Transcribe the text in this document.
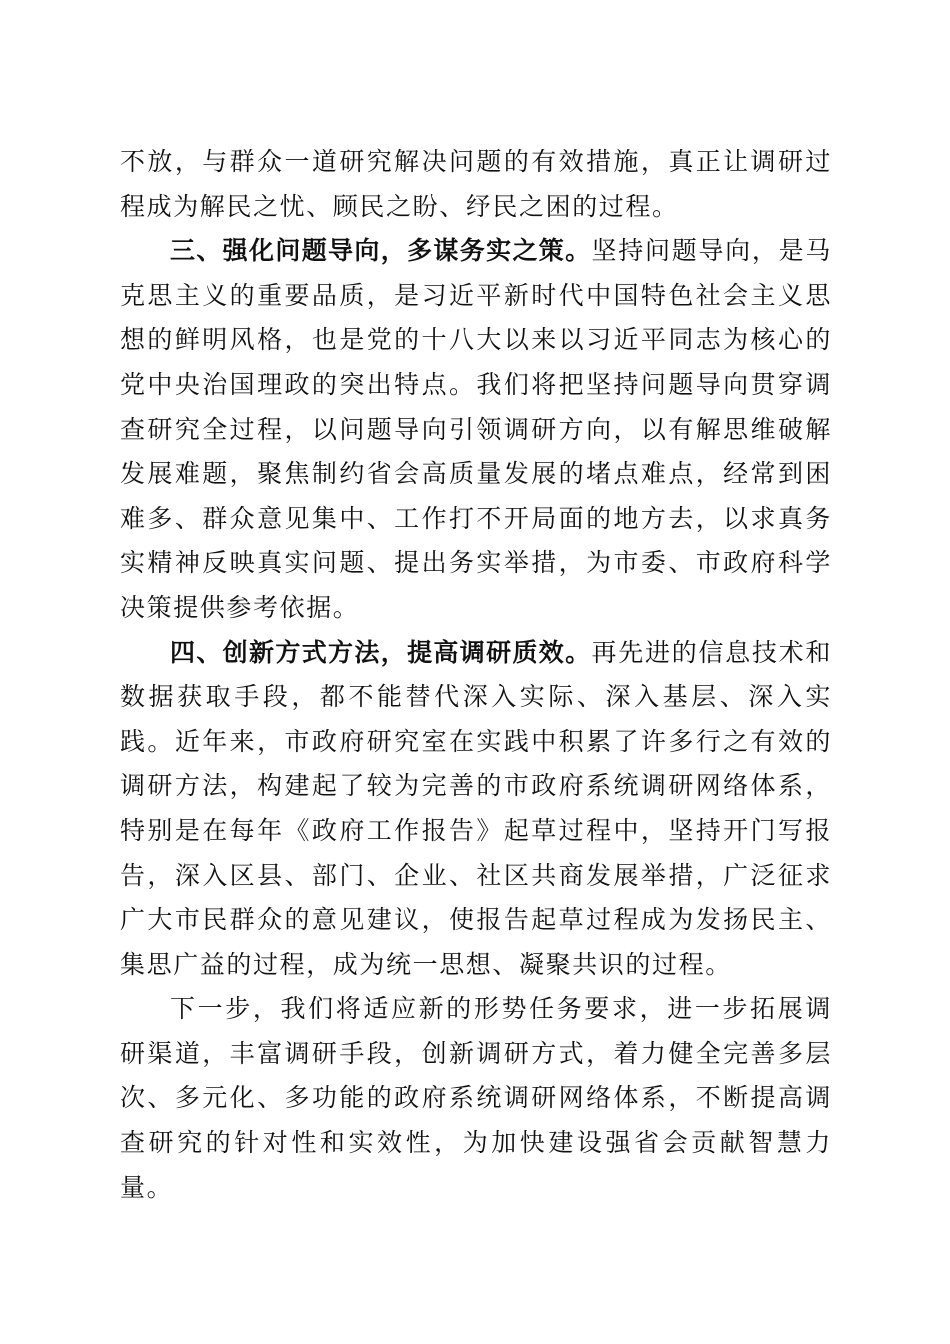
不放，与群众一道研究解决问题的有效措施，真正让调研过程成为解民之忧、顾民之盼、纾民之困的过程。

三、强化问题导向，多谋务实之策。坚持问题导向，是马克思主义的重要品质，是习近平新时代中国特色社会主义思想的鲜明风格，也是党的十八大以来以习近平同志为核心的党中央治国理政的突出特点。我们将把坚持问题导向贯穿调查研究全过程，以问题导向引领调研方向，以有解思维破解发展难题，聚焦制约省会高质量发展的堵点难点，经常到困难多、群众意见集中、工作打不开局面的地方去，以求真务实精神反映真实问题、提出务实举措，为市委、市政府科学决策提供参考依据。

四、创新方式方法，提高调研质效。再先进的信息技术和数据获取手段，都不能替代深入实际、深入基层、深入实践。近年来，市政府研究室在实践中积累了许多行之有效的调研方法，构建起了较为完善的市政府系统调研网络体系，特别是在每年《政府工作报告》起草过程中，坚持开门写报告，深入区县、部门、企业、社区共商发展举措，广泛征求广大市民群众的意见建议，使报告起草过程成为发扬民主、集思广益的过程，成为统一思想、凝聚共识的过程。

下一步，我们将适应新的形势任务要求，进一步拓展调研渠道，丰富调研手段，创新调研方式，着力健全完善多层次、多元化、多功能的政府系统调研网络体系，不断提高调查研究的针对性和实效性，为加快建设强省会贡献智慧力量。
